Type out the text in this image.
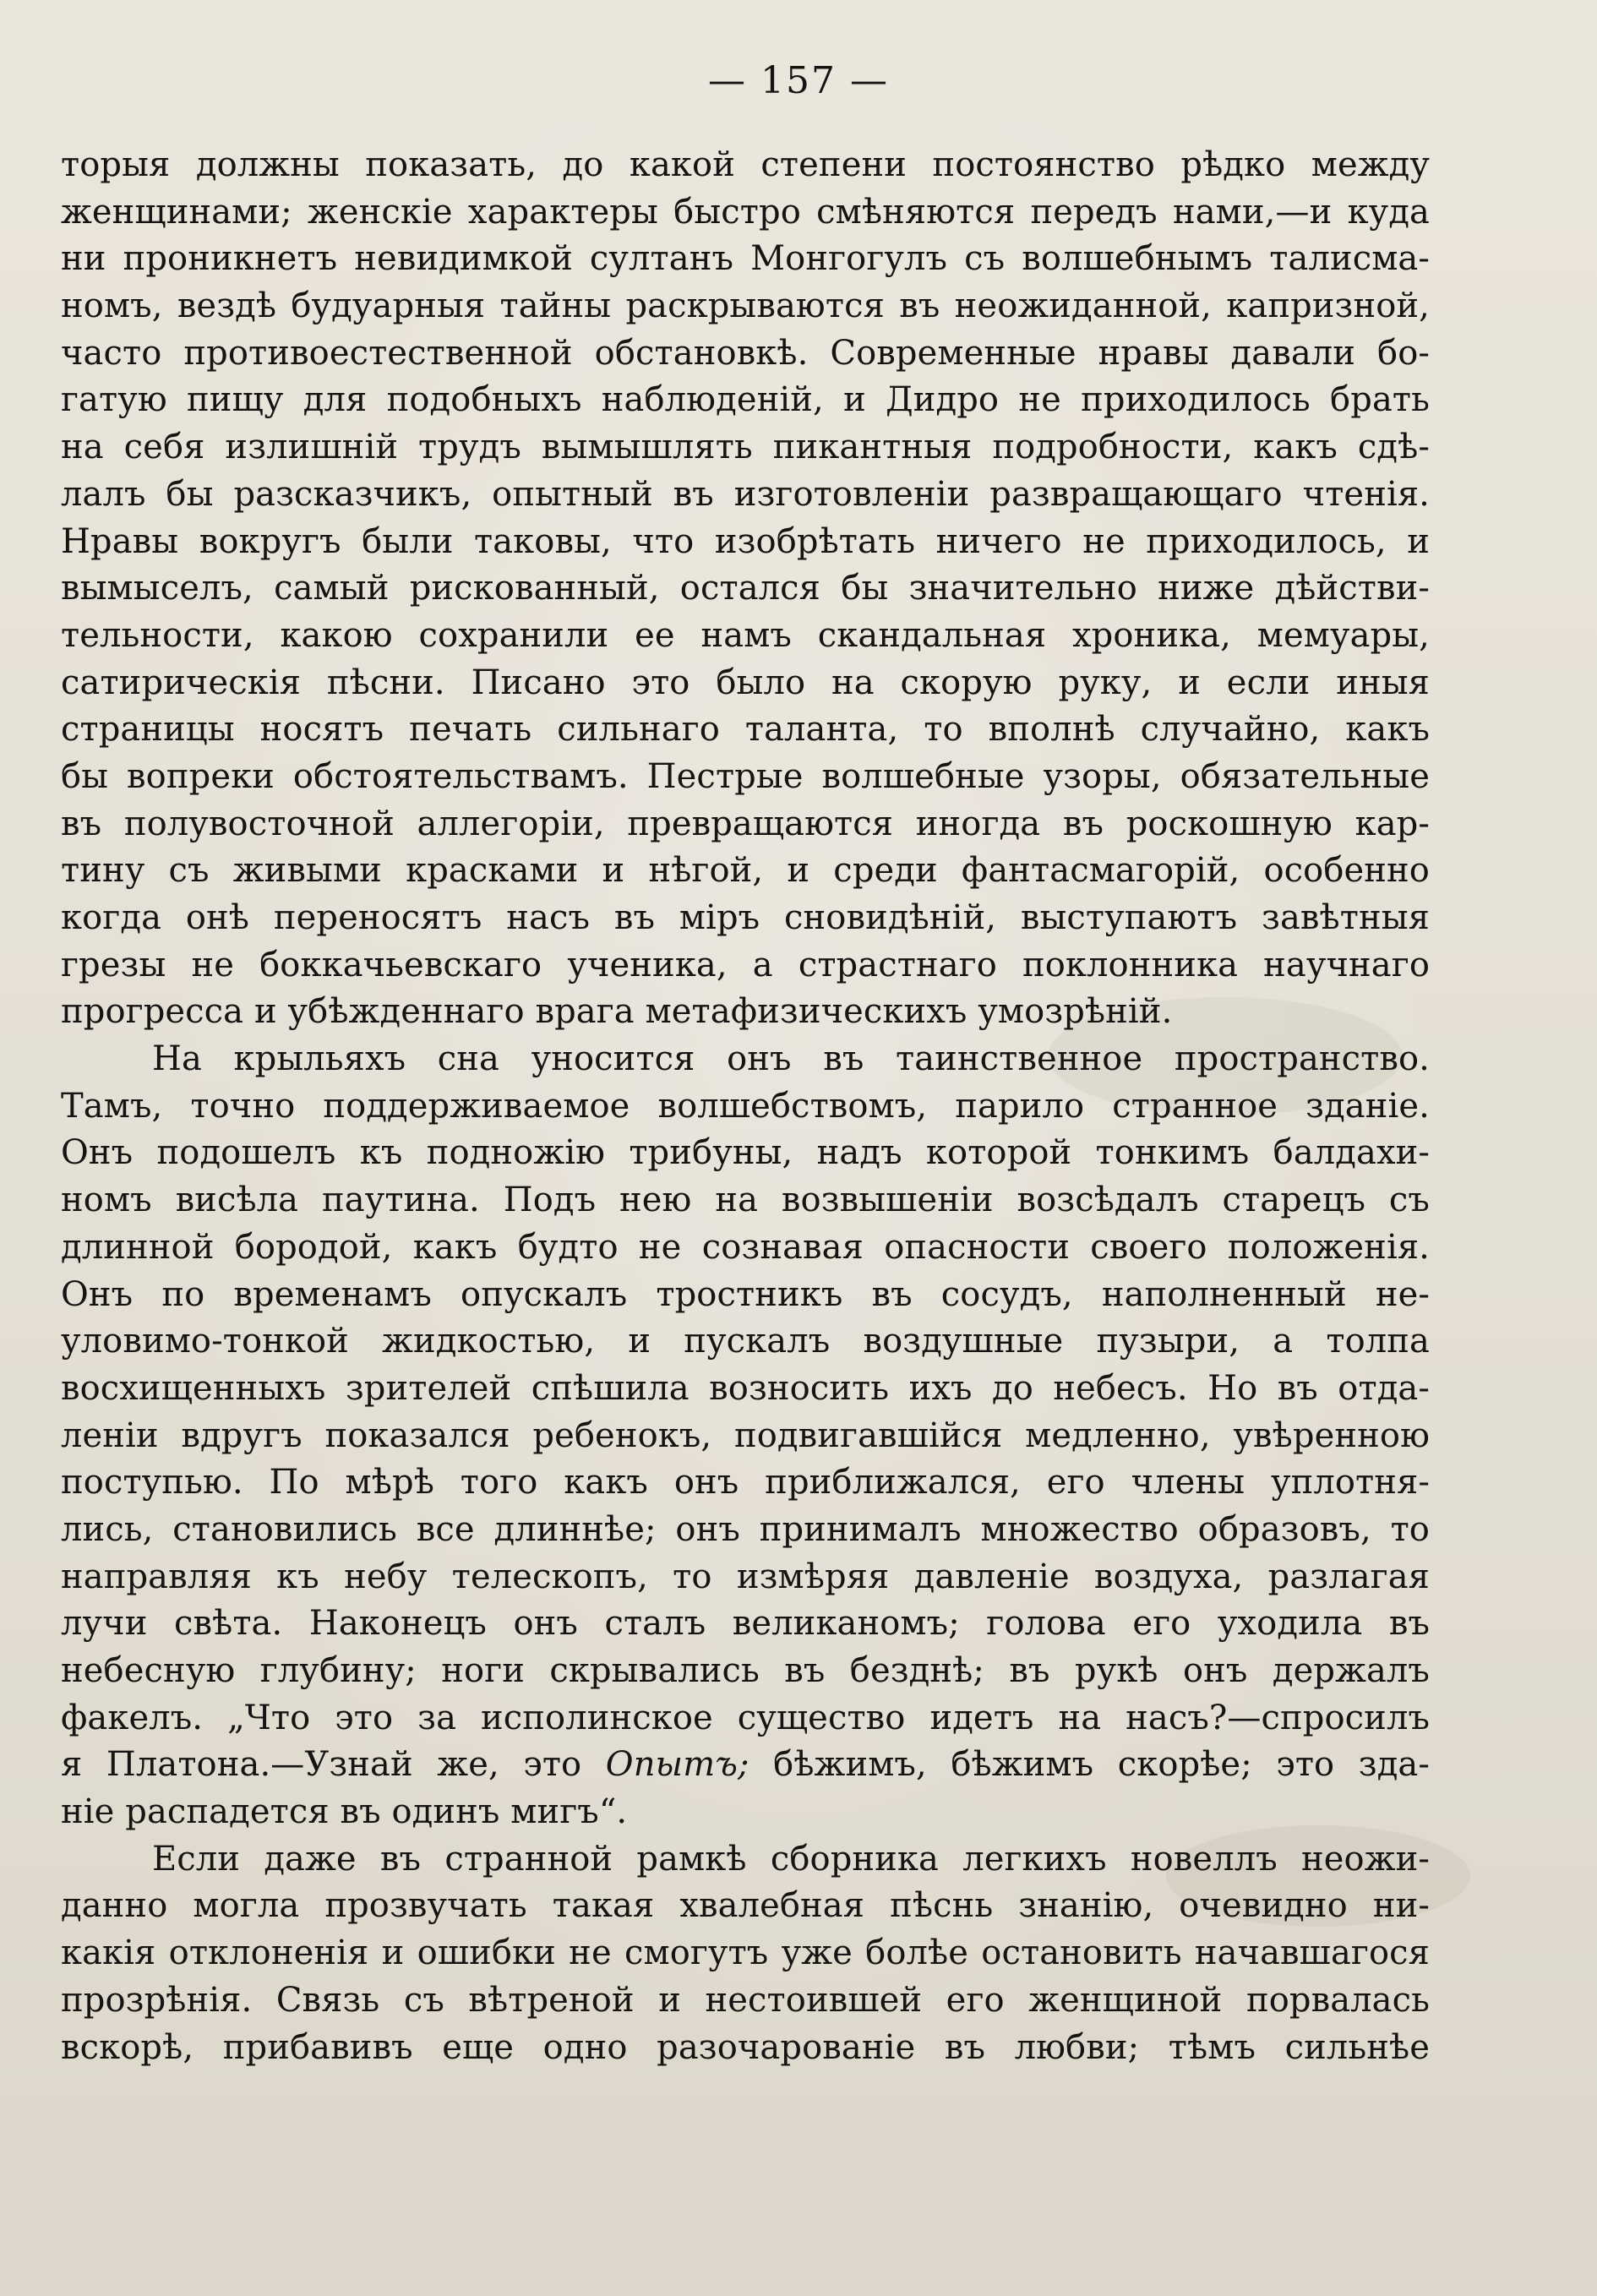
— 157 —
торыя должны показать, до какой степени постоянство рѣдко между
женщинами; женскіе характеры быстро смѣняются передъ нами,—и куда
ни проникнетъ невидимкой султанъ Монгогулъ съ волшебнымъ талисма-
номъ, вездѣ будуарныя тайны раскрываются въ неожиданной, капризной,
часто противоестественной обстановкѣ. Современные нравы давали бо-
гатую пищу для подобныхъ наблюденій, и Дидро не приходилось брать
на себя излишній трудъ вымышлять пикантныя подробности, какъ сдѣ-
лалъ бы разсказчикъ, опытный въ изготовленіи развращающаго чтенія.
Нравы вокругъ были таковы, что изобрѣтать ничего не приходилось, и
вымыселъ, самый рискованный, остался бы значительно ниже дѣйстви-
тельности, какою сохранили ее намъ скандальная хроника, мемуары,
сатирическія пѣсни. Писано это было на скорую руку, и если иныя
страницы носятъ печать сильнаго таланта, то вполнѣ случайно, какъ
бы вопреки обстоятельствамъ. Пестрые волшебные узоры, обязательные
въ полувосточной аллегоріи, превращаются иногда въ роскошную кар-
тину съ живыми красками и нѣгой, и среди фантасмагорій, особенно
когда онѣ переносятъ насъ въ міръ сновидѣній, выступаютъ завѣтныя
грезы не боккачьевскаго ученика, а страстнаго поклонника научнаго
прогресса и убѣжденнаго врага метафизическихъ умозрѣній.
На крыльяхъ сна уносится онъ въ таинственное пространство.
Тамъ, точно поддерживаемое волшебствомъ, парило странное зданіе.
Онъ подошелъ къ подножію трибуны, надъ которой тонкимъ балдахи-
номъ висѣла паутина. Подъ нею на возвышеніи возсѣдалъ старецъ съ
длинной бородой, какъ будто не сознавая опасности своего положенія.
Онъ по временамъ опускалъ тростникъ въ сосудъ, наполненный не-
уловимо-тонкой жидкостью, и пускалъ воздушные пузыри, а толпа
восхищенныхъ зрителей спѣшила возносить ихъ до небесъ. Но въ отда-
леніи вдругъ показался ребенокъ, подвигавшійся медленно, увѣренною
поступью. По мѣрѣ того какъ онъ приближался, его члены уплотня-
лись, становились все длиннѣе; онъ принималъ множество образовъ, то
направляя къ небу телескопъ, то измѣряя давленіе воздуха, разлагая
лучи свѣта. Наконецъ онъ сталъ великаномъ; голова его уходила въ
небесную глубину; ноги скрывались въ безднѣ; въ рукѣ онъ держалъ
факелъ. „Что это за исполинское существо идетъ на насъ?—спросилъ
я Платона.—Узнай же, это Опытъ; бѣжимъ, бѣжимъ скорѣе; это зда-
ніе распадется въ одинъ мигъ“.
Если даже въ странной рамкѣ сборника легкихъ новеллъ неожи-
данно могла прозвучать такая хвалебная пѣснь знанію, очевидно ни-
какія отклоненія и ошибки не смогутъ уже болѣе остановить начавшагося
прозрѣнія. Связь съ вѣтреной и нестоившей его женщиной порвалась
вскорѣ, прибавивъ еще одно разочарованіе въ любви; тѣмъ сильнѣе
